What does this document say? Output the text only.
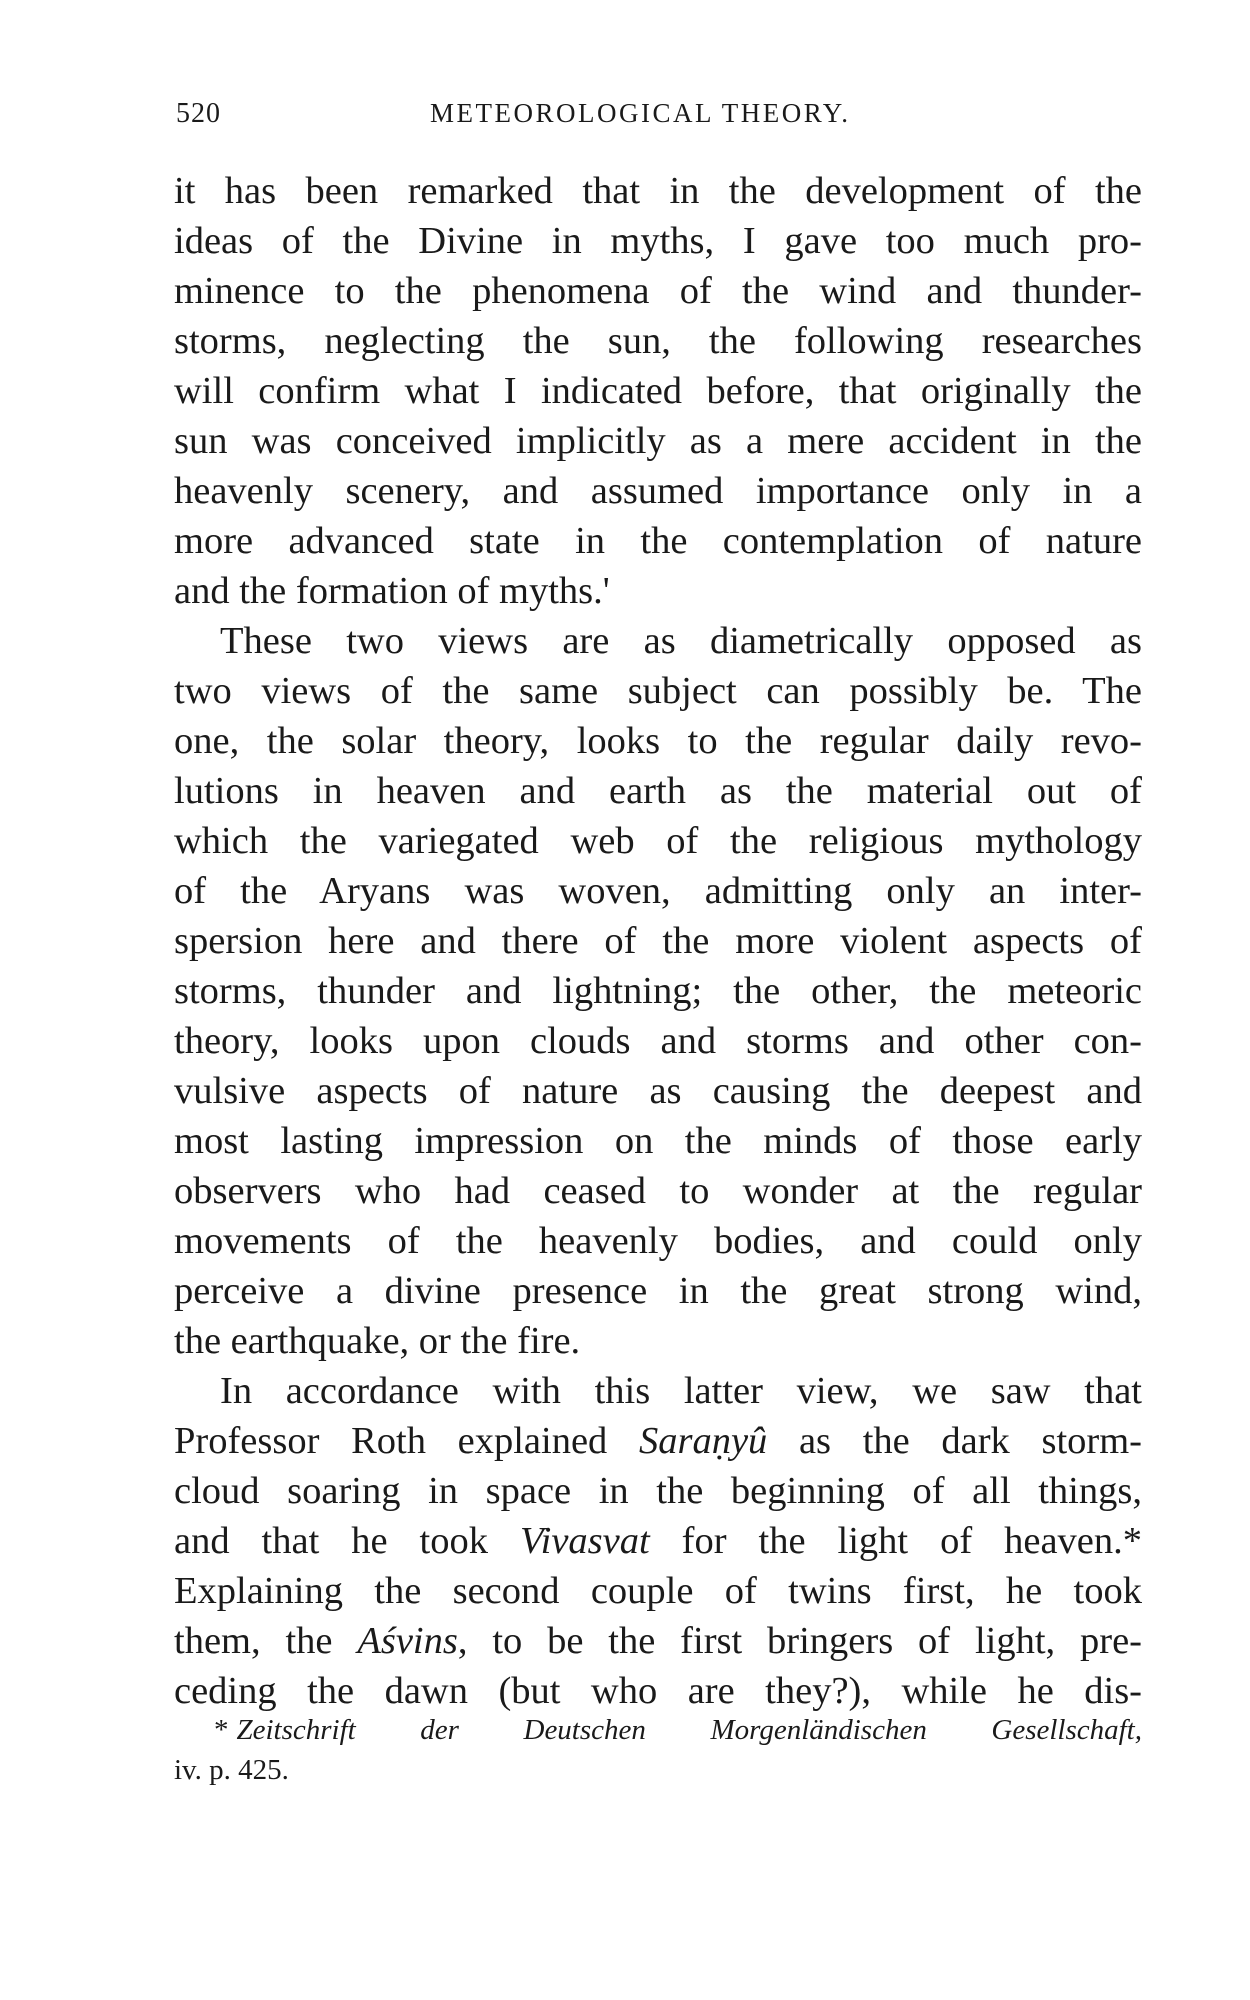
520	METEOROLOGICAL THEORY.
it has been remarked that in the development of the
ideas of the Divine in myths, I gave too much pro-
minence to the phenomena of the wind and thunder-
storms, neglecting the sun, the following researches
will confirm what I indicated before, that originally the
sun was conceived implicitly as a mere accident in the
heavenly scenery, and assumed importance only in a
more advanced state in the contemplation of nature
and the formation of myths.'
These two views are as diametrically opposed as
two views of the same subject can possibly be. The
one, the solar theory, looks to the regular daily revo-
lutions in heaven and earth as the material out of
which the variegated web of the religious mythology
of the Aryans was woven, admitting only an inter-
spersion here and there of the more violent aspects of
storms, thunder and lightning; the other, the meteoric
theory, looks upon clouds and storms and other con-
vulsive aspects of nature as causing the deepest and
most lasting impression on the minds of those early
observers who had ceased to wonder at the regular
movements of the heavenly bodies, and could only
perceive a divine presence in the great strong wind,
the earthquake, or the fire.
In accordance with this latter view, we saw that
Professor Roth explained Saraṇyû as the dark storm-
cloud soaring in space in the beginning of all things,
and that he took Vivasvat for the light of heaven.*
Explaining the second couple of twins first, he took
them, the Aśvins, to be the first bringers of light, pre-
ceding the dawn (but who are they?), while he dis-
* Zeitschrift der Deutschen Morgenländischen Gesellschaft,
iv. p. 425.
